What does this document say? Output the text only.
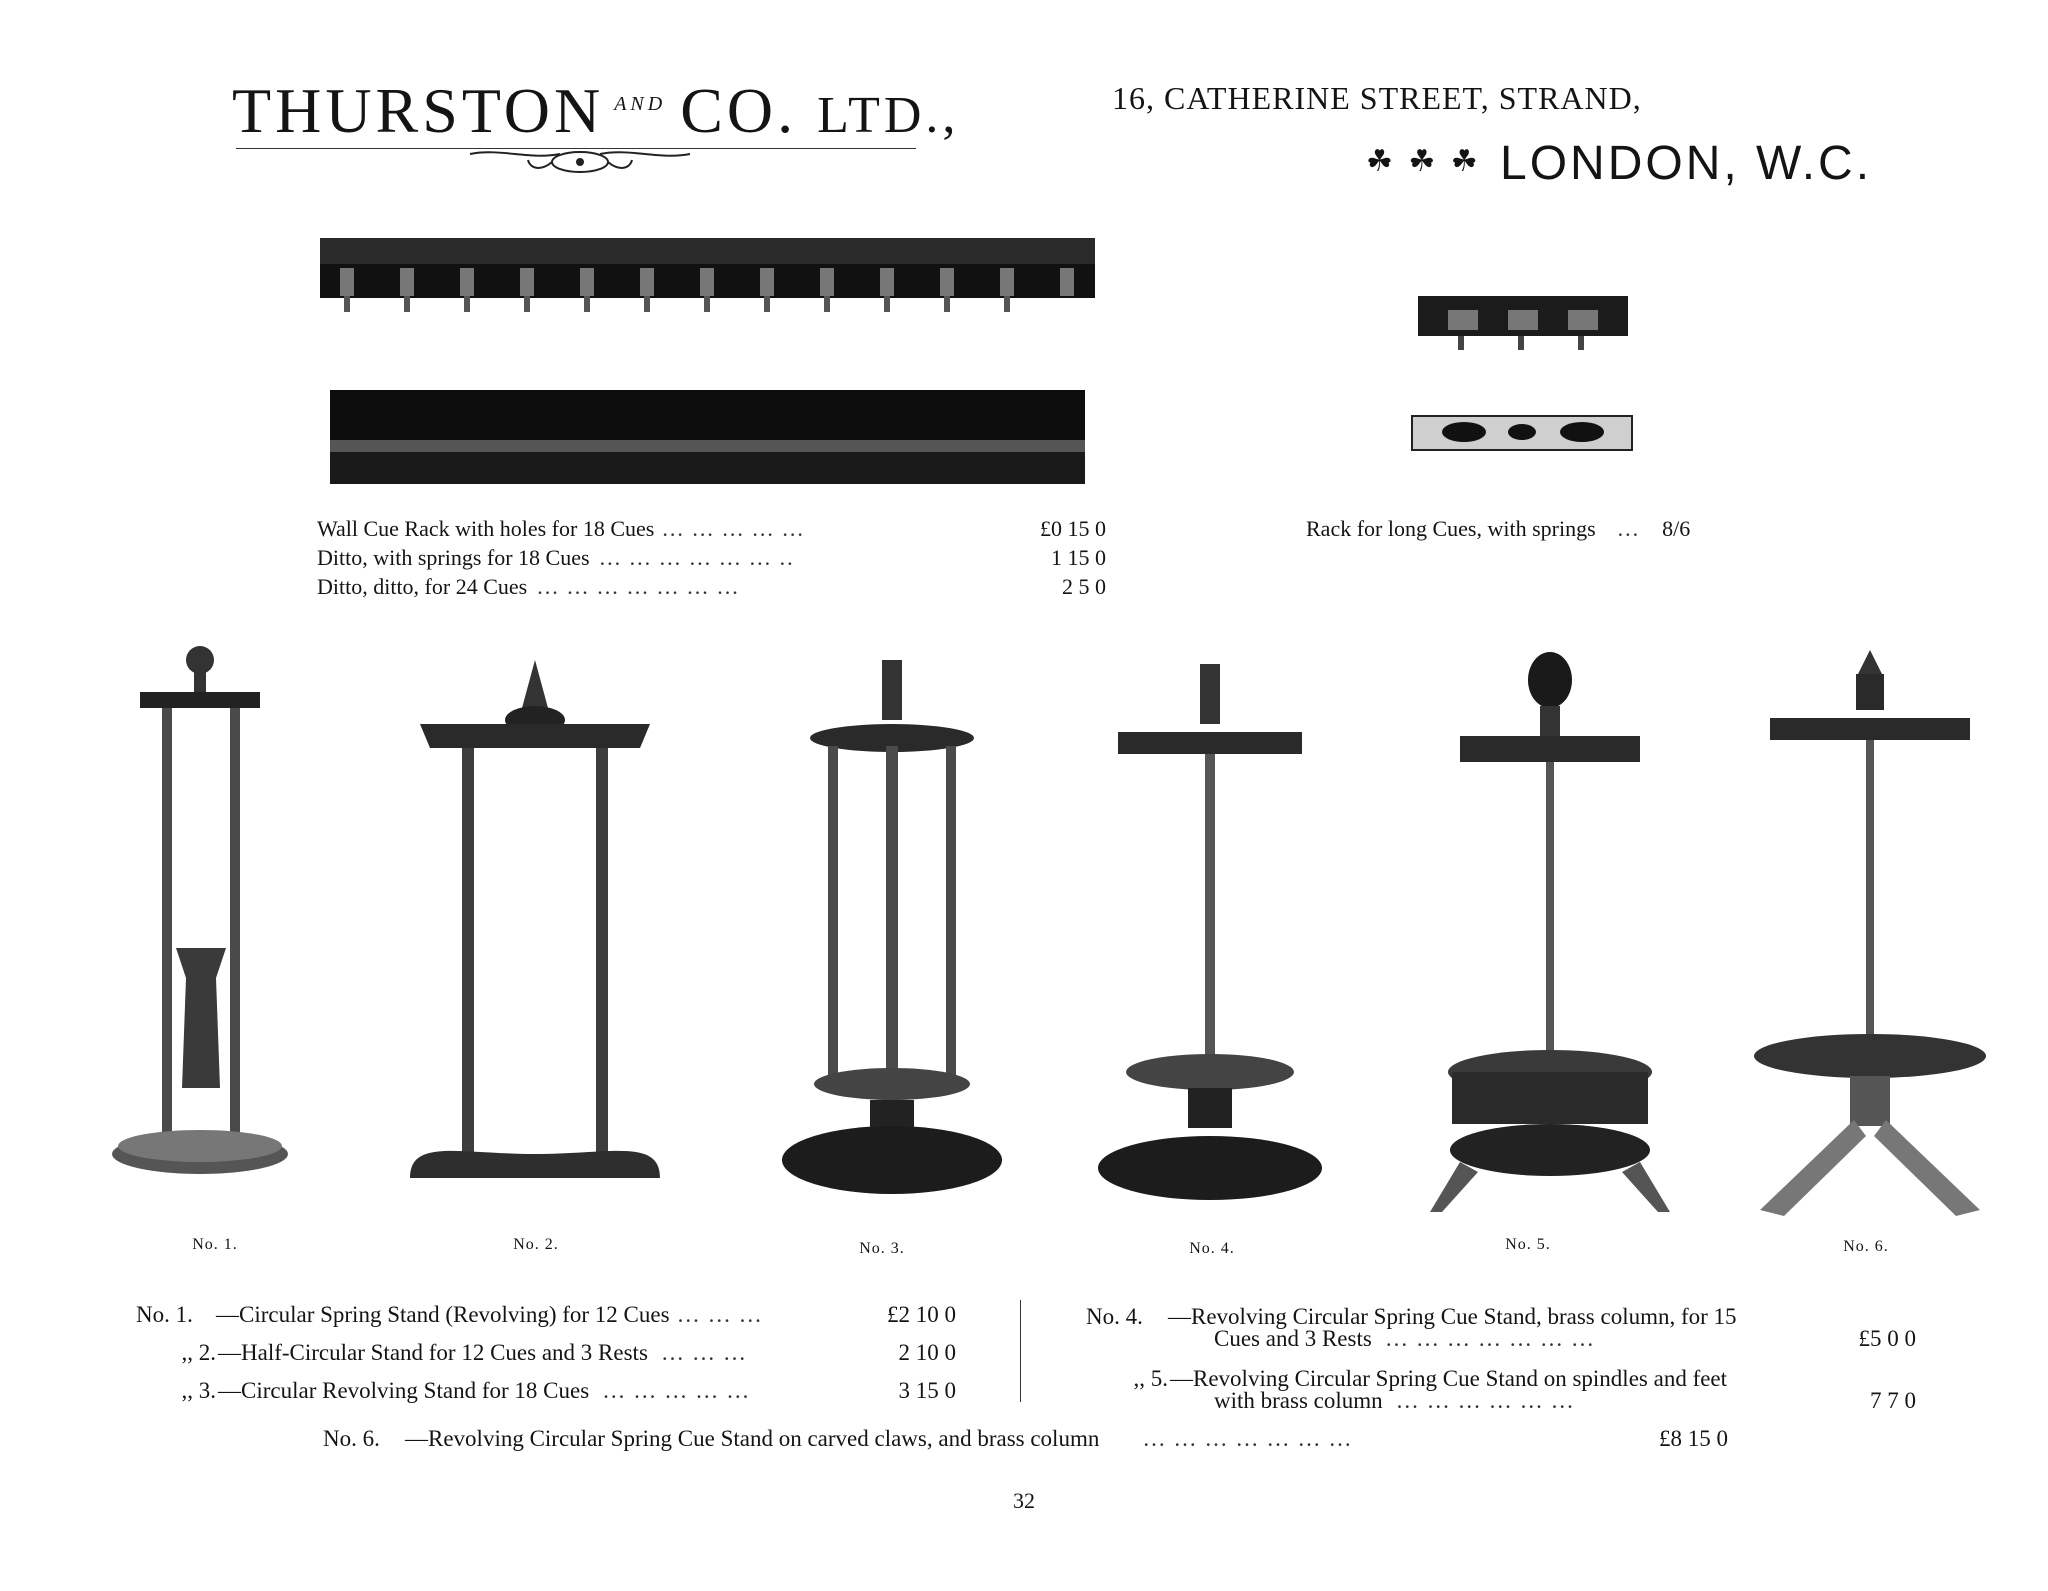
THURSTON $^{AND}$ CO. LTD.,	16, CATHERINE STREET, STRAND,
☘ ☘ ☘ LONDON, W.C.
Wall Cue Rack with holes for 18 Cues ... ... ... ... ...	£0 15 0
Ditto, with springs for 18 Cues ... ... ... ... ... ... ..	1 15 0
Ditto, ditto, for 24 Cues ... ... ... ... ... ... ...	2 5 0
Rack for long Cues, with springs ... 8/6
No. 1.	No. 2.	No. 3.	No. 4.	No. 5.	No. 6.
No. 1. —Circular Spring Stand (Revolving) for 12 Cues ... ... ...	£2 10 0
,, 2.—Half-Circular Stand for 12 Cues and 3 Rests ... ... ...	2 10 0
,, 3.—Circular Revolving Stand for 18 Cues ... ... ... ... ...	3 15 0
No. 4. —Revolving Circular Spring Cue Stand, brass column, for 15
Cues and 3 Rests ... ... ... ... ... ... ...	£5 0 0
,, 5.—Revolving Circular Spring Cue Stand on spindles and feet
with brass column ... ... ... ... ... ...	7 7 0
No. 6. —Revolving Circular Spring Cue Stand on carved claws, and brass column ... ... ... ... ... ... ...	£8 15 0
32
